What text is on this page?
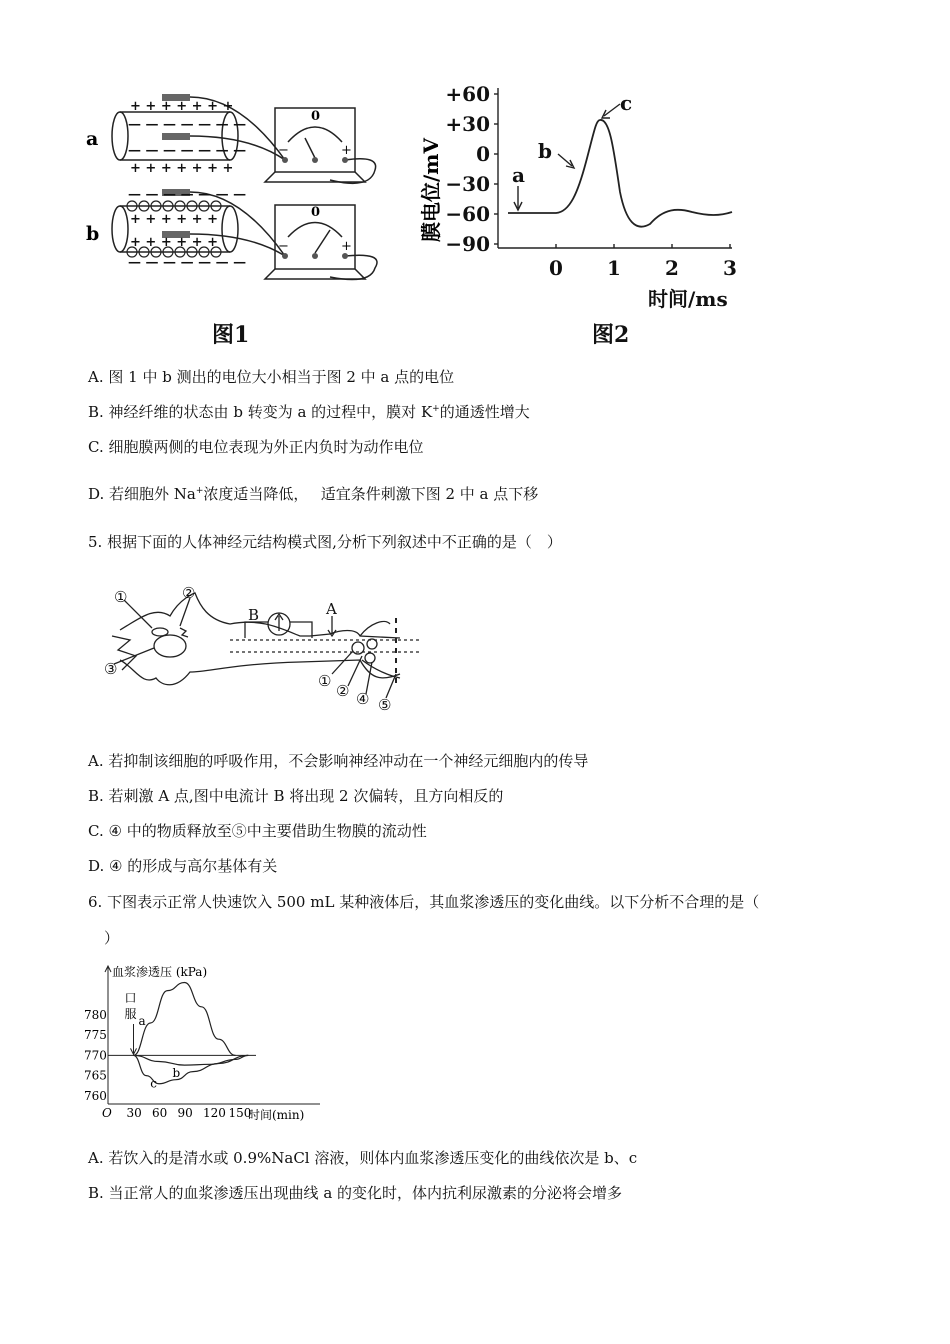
+ + + + + + +
— — — — — — —
— — — — — — —
+ + + + + + +
+ + + + + +
+ + + + + +
— — — — — — —
— — — — — — —
a
b
0
0
−	+
−	+
图1
+60
+30
0
−30
−60
−90
0 1 2 3
时间/ms
a
b
c
膜电位/mV
图2
A. 图 1 中 b 测出的电位大小相当于图 2 中 a 点的电位
B. 神经纤维的状态由 b 转变为 a 的过程中，膜对 K+的通透性增大
C. 细胞膜两侧的电位表现为外正内负时为动作电位
D. 若细胞外 Na+浓度适当降低，　 适宜条件刺激下图 2 中 a 点下移
5. 根据下面的人体神经元结构模式图,分析下列叙述中不正确的是（　）
①	②
③
B	A
①
② ④ ⑤
A. 若抑制该细胞的呼吸作用，不会影响神经冲动在一个神经元细胞内的传导
B. 若刺激 A 点,图中电流计 B 将出现 2 次偏转，且方向相反的
C. ④ 中的物质释放至⑤中主要借助生物膜的流动性
D. ④ 的形成与高尔基体有关
6. 下图表示正常人快速饮入 500 mL 某种液体后，其血浆渗透压的变化曲线。以下分析不合理的是（
）
780
775
770
765
760
O 30 60 90 120 150
a
b
c
血浆渗透压 (kPa)
时间(min)
口 服
A. 若饮入的是清水或 0.9%NaCl 溶液，则体内血浆渗透压变化的曲线依次是 b、c
B. 当正常人的血浆渗透压出现曲线 a 的变化时，体内抗利尿激素的分泌将会增多
